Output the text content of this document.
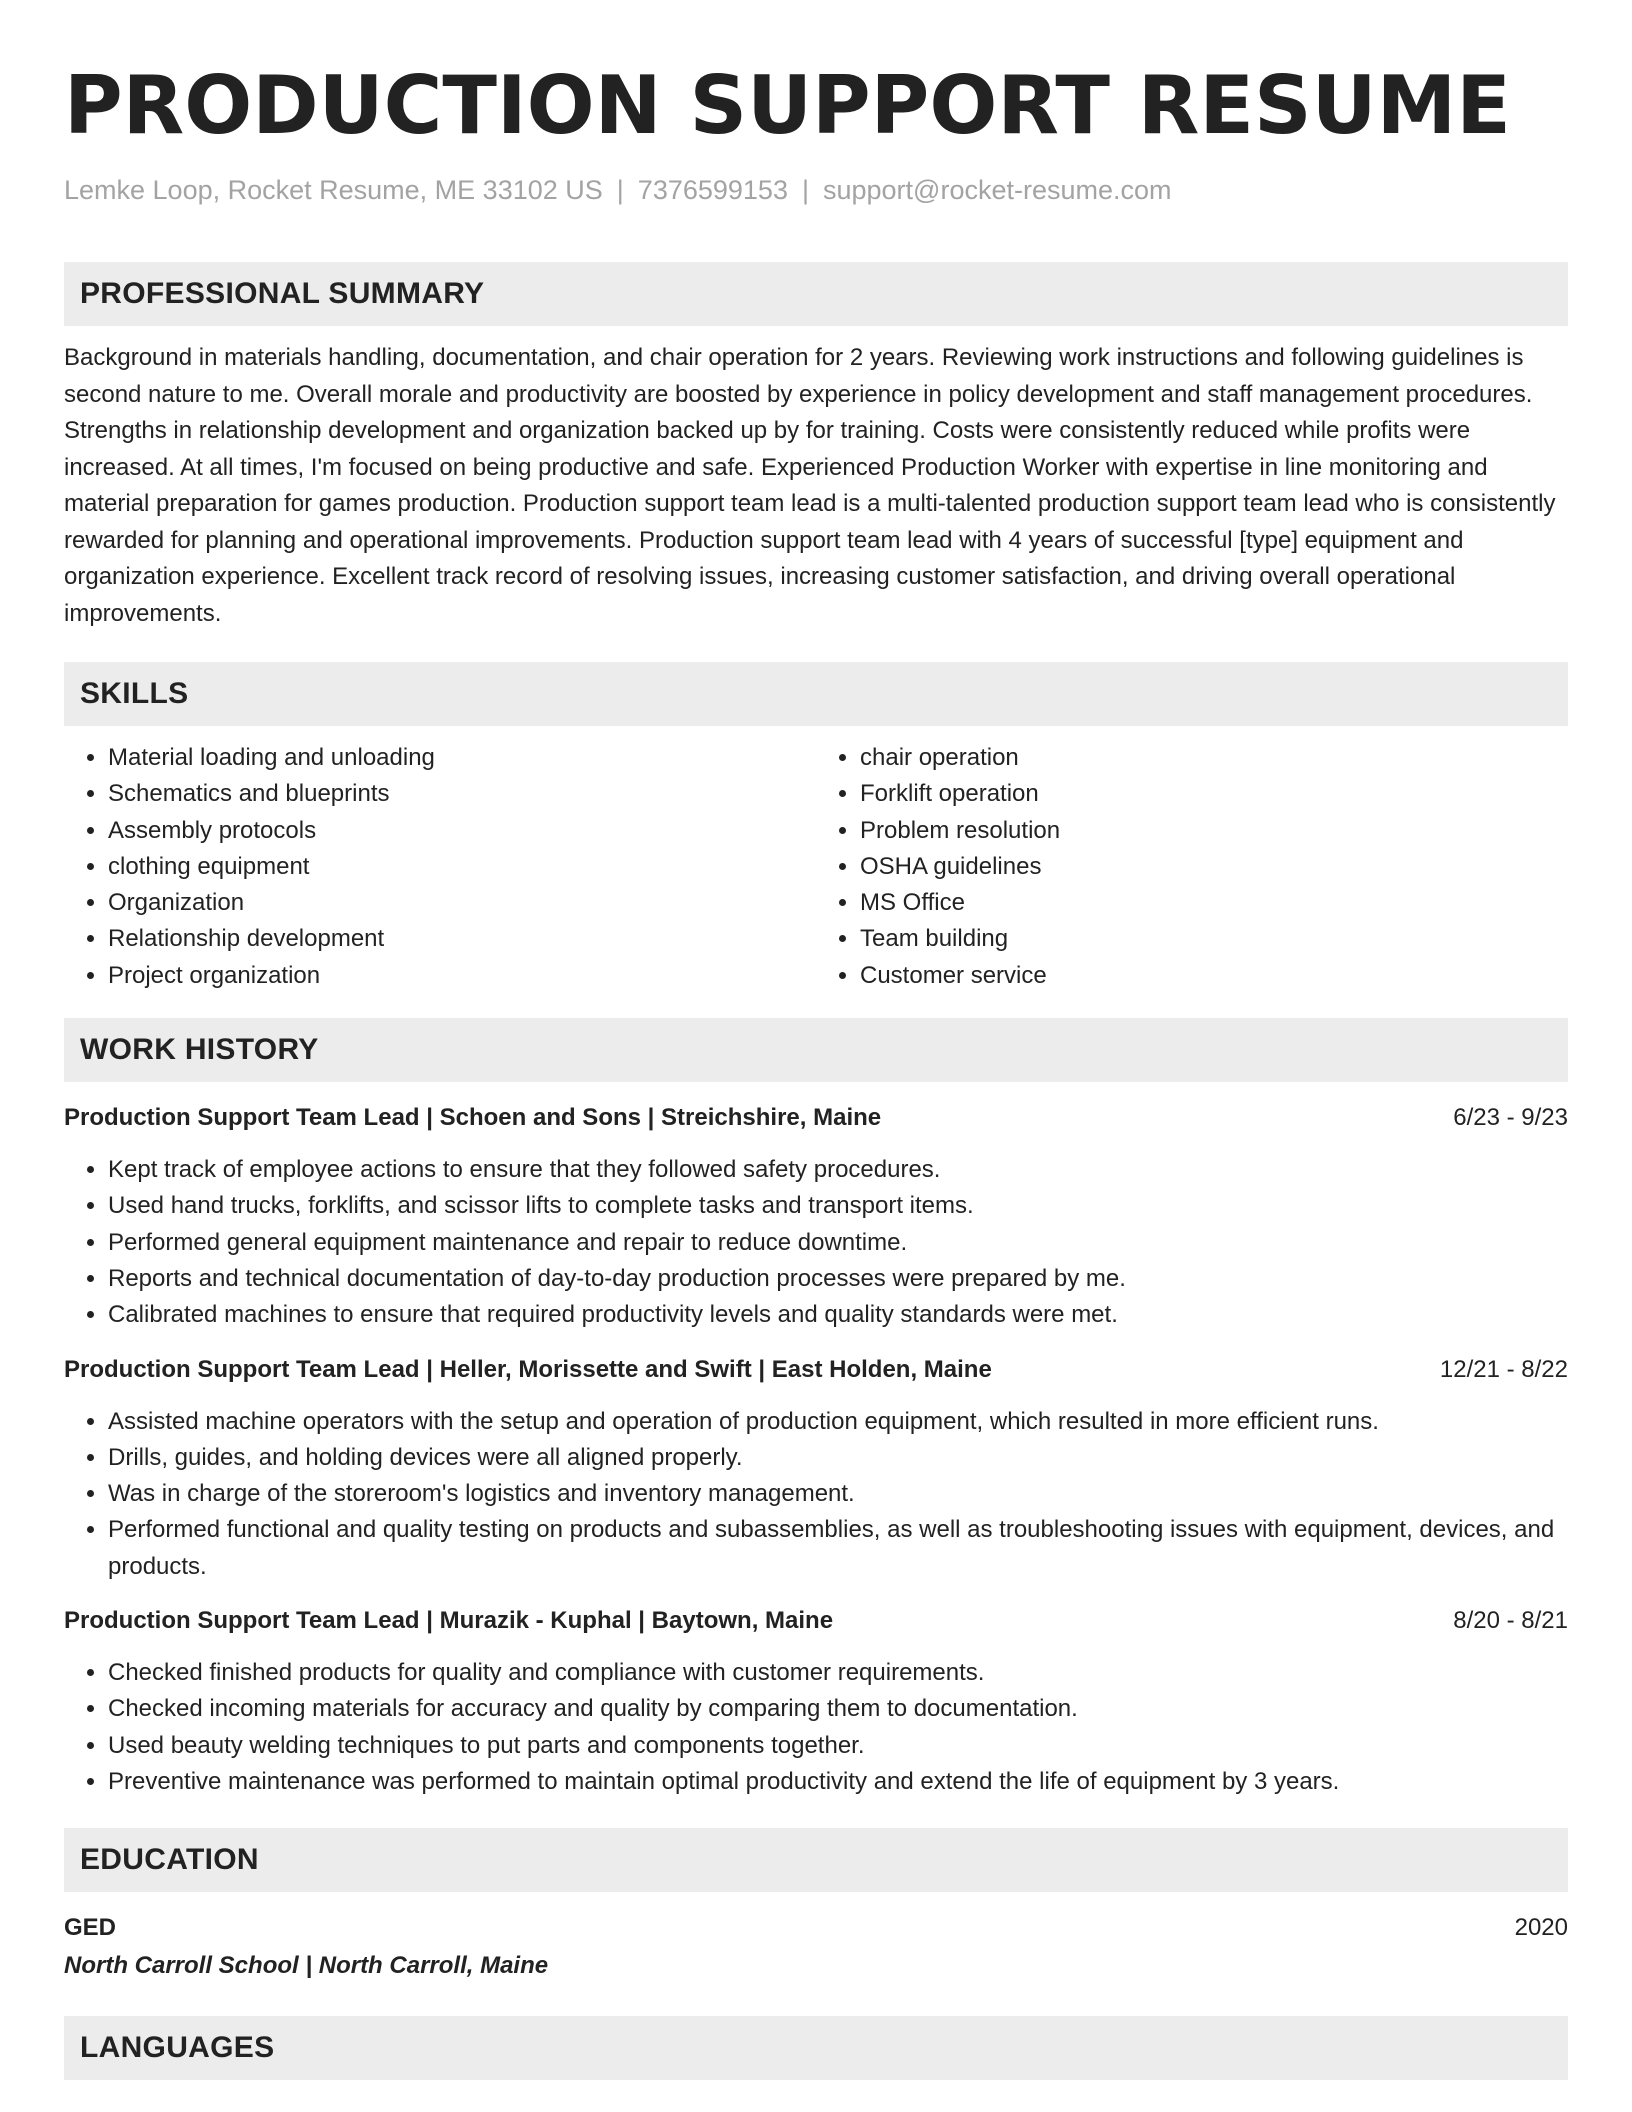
PRODUCTION SUPPORT RESUME
Lemke Loop, Rocket Resume, ME 33102 US | 7376599153 | support@rocket-resume.com
PROFESSIONAL SUMMARY
Background in materials handling, documentation, and chair operation for 2 years. Reviewing work instructions and following guidelines is second nature to me. Overall morale and productivity are boosted by experience in policy development and staff management procedures. Strengths in relationship development and organization backed up by for training. Costs were consistently reduced while profits were increased. At all times, I'm focused on being productive and safe. Experienced Production Worker with expertise in line monitoring and material preparation for games production. Production support team lead is a multi-talented production support team lead who is consistently rewarded for planning and operational improvements. Production support team lead with 4 years of successful [type] equipment and organization experience. Excellent track record of resolving issues, increasing customer satisfaction, and driving overall operational improvements.
SKILLS
• Material loading and unloading
• Schematics and blueprints
• Assembly protocols
• clothing equipment
• Organization
• Relationship development
• Project organization
• chair operation
• Forklift operation
• Problem resolution
• OSHA guidelines
• MS Office
• Team building
• Customer service
WORK HISTORY
Production Support Team Lead | Schoen and Sons | Streichshire, Maine	6/23 - 9/23
• Kept track of employee actions to ensure that they followed safety procedures.
• Used hand trucks, forklifts, and scissor lifts to complete tasks and transport items.
• Performed general equipment maintenance and repair to reduce downtime.
• Reports and technical documentation of day-to-day production processes were prepared by me.
• Calibrated machines to ensure that required productivity levels and quality standards were met.
Production Support Team Lead | Heller, Morissette and Swift | East Holden, Maine	12/21 - 8/22
• Assisted machine operators with the setup and operation of production equipment, which resulted in more efficient runs.
• Drills, guides, and holding devices were all aligned properly.
• Was in charge of the storeroom's logistics and inventory management.
• Performed functional and quality testing on products and subassemblies, as well as troubleshooting issues with equipment, devices, and products.
Production Support Team Lead | Murazik - Kuphal | Baytown, Maine	8/20 - 8/21
• Checked finished products for quality and compliance with customer requirements.
• Checked incoming materials for accuracy and quality by comparing them to documentation.
• Used beauty welding techniques to put parts and components together.
• Preventive maintenance was performed to maintain optimal productivity and extend the life of equipment by 3 years.
EDUCATION
GED	2020
North Carroll School | North Carroll, Maine
LANGUAGES
